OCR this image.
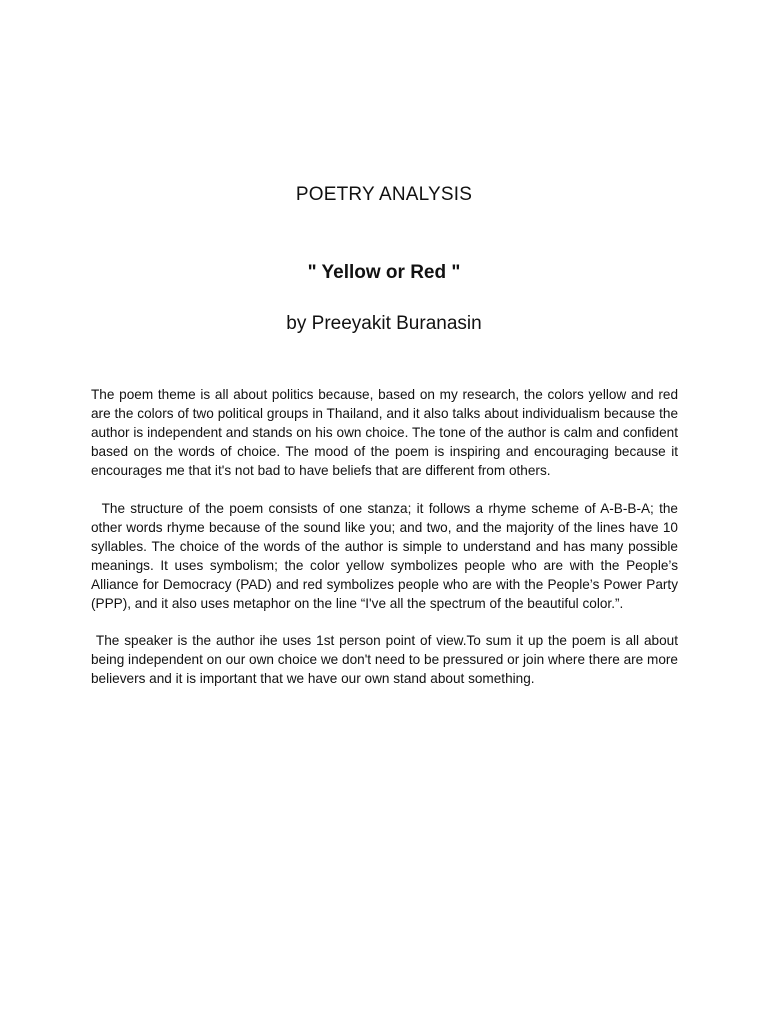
POETRY ANALYSIS
" Yellow or Red "
by Preeyakit Buranasin

The poem theme is all about politics because, based on my research, the colors yellow and red are the colors of two political groups in Thailand, and it also talks about individualism because the author is independent and stands on his own choice. The tone of the author is calm and confident based on the words of choice. The mood of the poem is inspiring and encouraging because it encourages me that it's not bad to have beliefs that are different from others.

The structure of the poem consists of one stanza; it follows a rhyme scheme of A-B-B-A; the other words rhyme because of the sound like you; and two, and the majority of the lines have 10 syllables. The choice of the words of the author is simple to understand and has many possible meanings. It uses symbolism; the color yellow symbolizes people who are with the People’s Alliance for Democracy (PAD) and red symbolizes people who are with the People’s Power Party (PPP), and it also uses metaphor on the line “I've all the spectrum of the beautiful color.”.

The speaker is the author ihe uses 1st person point of view.To sum it up the poem is all about being independent on our own choice we don't need to be pressured or join where there are more believers and it is important that we have our own stand about something.
